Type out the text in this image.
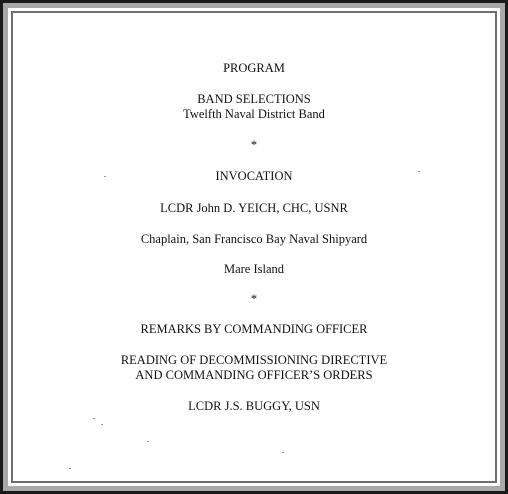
PROGRAM
BAND SELECTIONS
Twelfth Naval District Band
*
INVOCATION
LCDR John D. YEICH, CHC, USNR
Chaplain, San Francisco Bay Naval Shipyard
Mare Island
*
REMARKS BY COMMANDING OFFICER
READING OF DECOMMISSIONING DIRECTIVE
AND COMMANDING OFFICER’S ORDERS
LCDR J.S. BUGGY, USN
